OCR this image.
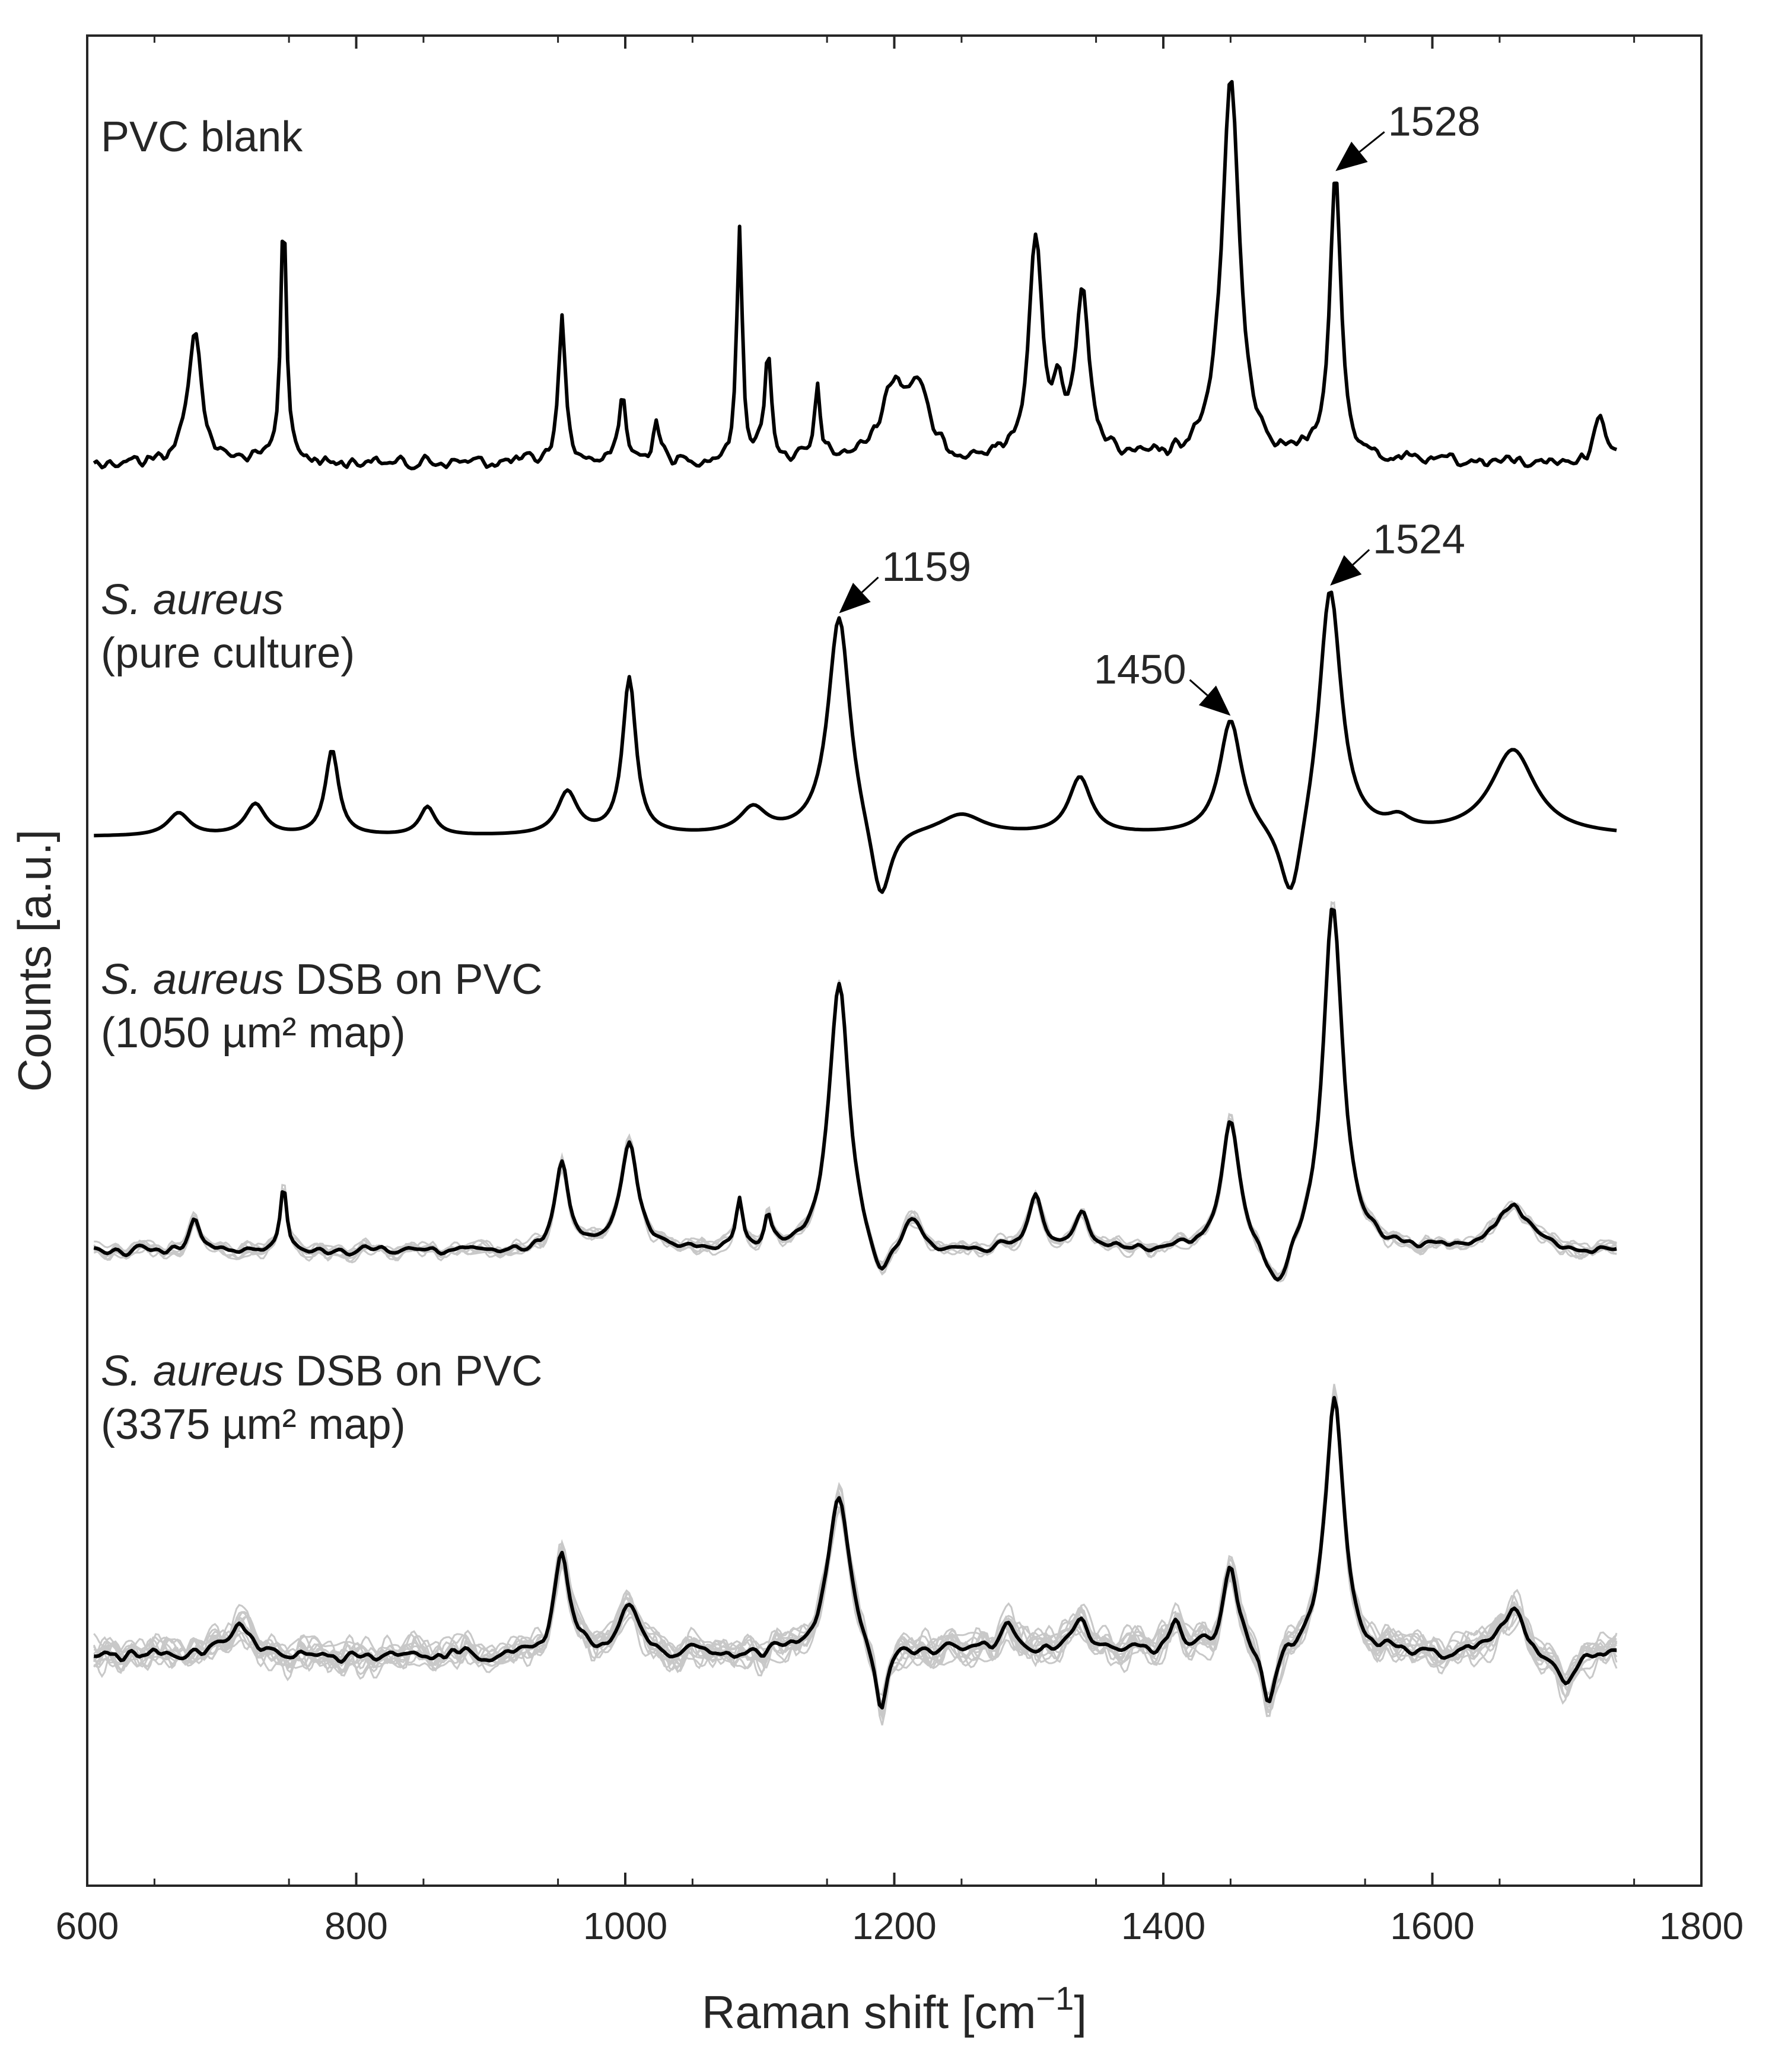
1528
1159
1450
1524
PVC blank
S. aureus
(pure culture)
S. aureus DSB on PVC
(1050 µm² map)
S. aureus DSB on PVC
(3375 µm² map)
600	800	1000	1200	1400	1600	1800
Raman shift $[cm^{-1}]$
Counts [a.u.]
